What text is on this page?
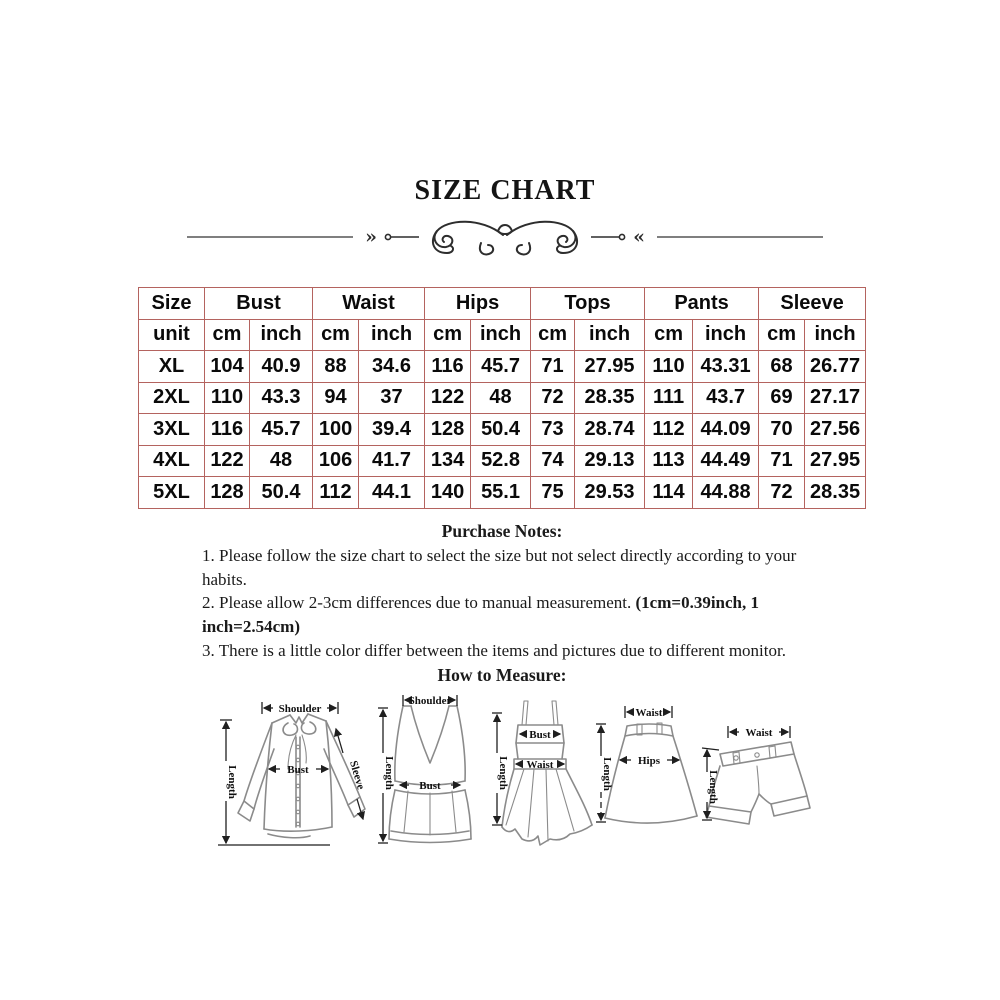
SIZE CHART
»	«
Size	Bust		Waist		Hips		Tops		Pants		Sleeve	
unit	cm	inch	cm	inch	cm	inch	cm	inch	cm	inch	cm	inch
XL	104	40.9	88	34.6	116	45.7	71	27.95	110	43.31	68	26.77
2XL	110	43.3	94	37	122	48	72	28.35	111	43.7	69	27.17
3XL	116	45.7	100	39.4	128	50.4	73	28.74	112	44.09	70	27.56
4XL	122	48	106	41.7	134	52.8	74	29.13	113	44.49	71	27.95
5XL	128	50.4	112	44.1	140	55.1	75	29.53	114	44.88	72	28.35

Purchase Notes:

1. Please follow the size chart to select the size but not select directly according to your habits.

2. Please allow 2-3cm differences due to manual measurement. (1cm=0.39inch, 1 inch=2.54cm)

3. There is a little color differ between the items and pictures due to different monitor.

How to Measure:

Shoulder
Length	Bust	Sleeve
Shoulder
Length Bust	Length
Bust
Waist
Waist
Length Hips
Waist
Length
